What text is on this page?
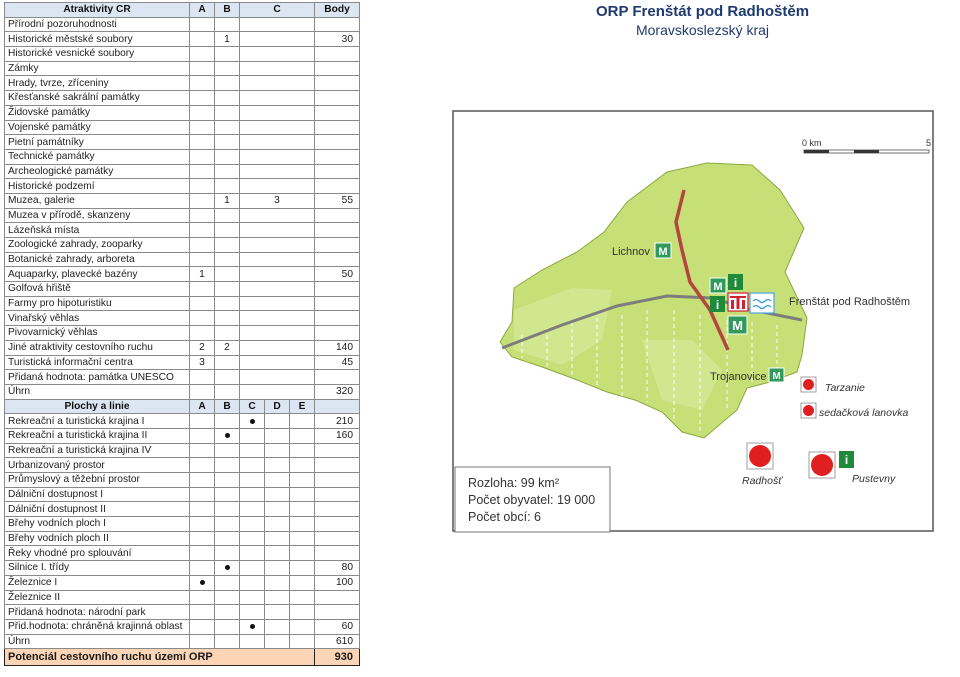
Atraktivity CR	A	B	C			Body
Přírodní pozoruhodnosti						
Historické městské soubory		1				30
Historické vesnické soubory						
Zámky						
Hrady, tvrze, zříceniny						
Křesťanské sakrální památky						
Židovské památky						
Vojenské památky						
Pietní památníky						
Technické památky						
Archeologické památky						
Historické podzemí						
Muzea, galerie		1	3			55
Muzea v přírodě, skanzeny						
Lázeňská místa						
Zoologické zahrady, zooparky						
Botanické zahrady, arboreta						
Aquaparky, plavecké bazény	1					50
Golfová hřiště						
Farmy pro hipoturistiku						
Vinařský věhlas						
Pivovarnický věhlas						
Jiné atraktivity cestovního ruchu	2	2				140
Turistická informační centra	3					45
Přidaná hodnota: památka UNESCO						
Úhrn						320
Plochy a linie	A	B	C	D	E	
Rekreační a turistická krajina I						210
Rekreační a turistická krajina II						160
Rekreační a turistická krajina IV						
Urbanizovaný prostor						
Průmyslový a těžební prostor						
Dálniční dostupnost I						
Dálniční dostupnost II						
Břehy vodních ploch I						
Břehy vodních ploch II						
Řeky vhodné pro splouvání						
Silnice I. třídy						80
Železnice I						100
Železnice II						
Přidaná hodnota: národní park						
Přid.hodnota: chráněná krajinná oblast						60
Úhrn						610
Potenciál cestovního ruchu území ORP						930
ORP Frenštát pod Radhoštěm
Moravskoslezský kraj
0 km	5
Lichnov M
M i
i
M
Frenštát pod Radhoštěm
Trojanovice M
Tarzanie
sedačková lanovka
Radhošť
i
Pustevny
Rozloha: 99 km²
Počet obyvatel: 19 000
Počet obcí: 6
